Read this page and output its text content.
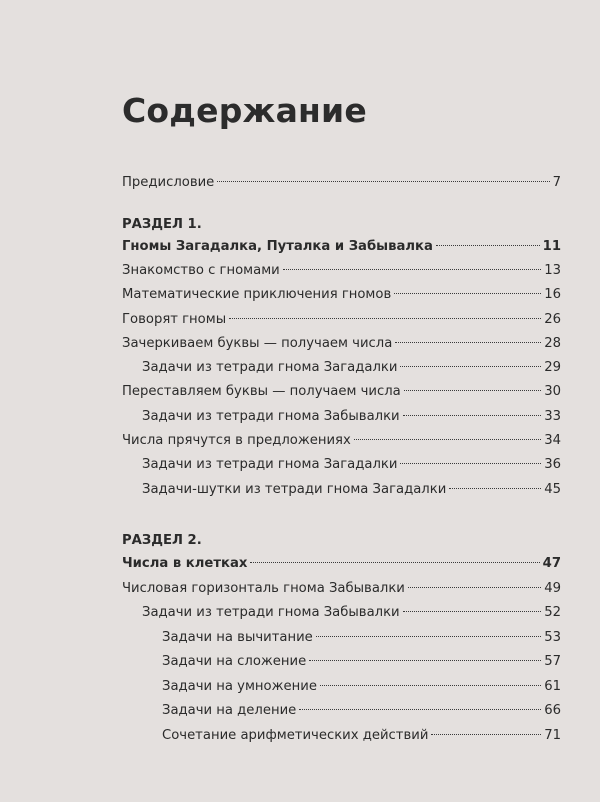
Содержание
Предисловие	7
РАЗДЕЛ 1.
Гномы Загадалка, Путалка и Забывалка	11
Знакомство с гномами	13
Математические приключения гномов	16
Говорят гномы	26
Зачеркиваем буквы — получаем числа	28
Задачи из тетради гнома Загадалки	29
Переставляем буквы — получаем числа	30
Задачи из тетради гнома Забывалки	33
Числа прячутся в предложениях	34
Задачи из тетради гнома Загадалки	36
Задачи-шутки из тетради гнома Загадалки	45
РАЗДЕЛ 2.
Числа в клетках	47
Числовая горизонталь гнома Забывалки	49
Задачи из тетради гнома Забывалки	52
Задачи на вычитание	53
Задачи на сложение	57
Задачи на умножение	61
Задачи на деление	66
Сочетание арифметических действий	71
